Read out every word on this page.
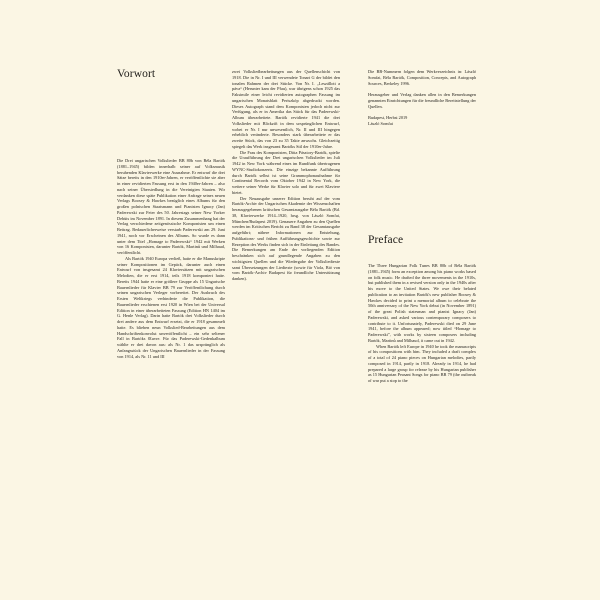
Vorwort

Die Drei ungarischen Volkslieder BB 80b von Béla Bartók (1881–1945) bilden innerhalb seiner auf Volksmusik beruhenden Klavierwerke eine Ausnahme. Er entwarf die drei Sätze bereits in den 1910er-Jahren, er veröffentlichte sie aber in einer revidierten Fassung erst in den 1940er-Jahren – also nach seiner Übersiedlung in die Vereinigten Staaten. Wir verdanken diese späte Publikation einer Anfrage seines neuen Verlags Boosey & Hawkes bezüglich eines Albums für den großen polnischen Staatsmann und Pianisten Ignacy (Jan) Paderewski zur Feier des 50. Jahrestags seiner New Yorker Debüts im November 1891. In diesem Zusammenhang hat der Verlag verschiedene zeitgenössische Komponisten um einen Beitrag. Bedauerlicherweise verstarb Paderewski am 29. Juni 1941, noch vor Erscheinen des Albums. So wurde es dann unter dem Titel „Homage to Paderewski“ 1942 mit Werken von 16 Komponisten, darunter Bartók, Martinů und Milhaud, veröffentlicht.

Als Bartók 1940 Europa verließ, hatte er die Manuskripte seiner Kompositionen im Gepäck, darunter auch einen Entwurf von insgesamt 24 Klaviersätzen mit ungarischen Melodien, die er erst 1914, teils 1918 komponiert hatte. Bereits 1944 hatte er eine größere Gruppe als 15 Ungarische Bauernlieder für Klavier BB 79 zur Veröffentlichung durch seinen ungarischen Verleger vorbereitet. Der Ausbruch des Ersten Weltkriegs verhinderte die Publikation, die Bauernlieder erschienen erst 1920 in Wien bei der Universal Edition in einer überarbeiteten Fassung (Edition HN 1404 im G. Henle Verlag). Darin hatte Bartók drei Volkslieder durch drei andere aus dem Entwurf ersetzt, die er 1918 gesammelt hatte. Es blieben neun Volkslied-Bearbeitungen aus dem Handschriftenkonvolut unveröffentlicht – ein sehr seltener Fall in Bartóks Œuvre. Für das Paderewski-Gedenkalbum wählte er drei davon aus: als Nr. 1 das ursprünglich als Anfangsstück der Ungarischen Bauernlieder in der Fassung von 1914, als Nr. 11 und III

zwei Volksliedbearbeitungen aus der Quellenschicht von 1918. Die in Nr. I und III verwendete Tonart G der bildet den tonalen Rahmen der drei Stücke. Von Nr. I. „Leszállott a páva“ (Herunter kam der Pfau), war übrigens schon 1925 das Faksimile einer leicht revidierten autographen Fassung im ungarischen Monatsblatt Periszkóp abgedruckt worden. Dieses Autograph stand dem Komponisten jedoch nicht zur Verfügung, als er in Amerika das Stück für das Paderewski-Album überarbeitete. Bartók revidierte 1941 die drei Volkslieder mit Blickzift in dem ursprünglichen Entwurf, wobei er Nr. I nur unwesentlich, Nr. II und III hingegen erheblich veränderte. Besonders stark überarbeitete er das zweite Stück, das von 23 zu 35 Takte anwuchs. Gleichzeitig spiegelt das Werk insgesamt Bartóks Stil der 1910er-Jahre.

Die Frau des Komponisten, Ditta Pásztory-Bartók, spielte die Uraufführung der Drei ungarischen Volkslieder im Juli 1942 in New York während eines im Rundfunk übertragenen WYNC-Studiokonzerts. Die einzige bekannte Aufführung durch Bartók selbst ist seine Grammophonaufnahme für Continental Records vom Oktober 1942 in New York, die weitere seiner Werke für Klavier solo und für zwei Klaviere bietet.

Der Neuausgabe unserer Edition beruht auf der vom Bartók-Archiv der Ungarischen Akademie der Wissenschaften herausgegebenen kritischen Gesamtausgabe Béla Bartók (Bd. 38, Klavierwerke 1914–1920, hrsg. von László Somfai, München/Budapest 2019). Genauere Angaben zu den Quellen werden im Kritischen Bericht zu Band 38 der Gesamtausgabe aufgeführt; nähere Informationen zur Entstehung, Publikations- und frühen Aufführungsgeschichte sowie zur Rezeption des Werks finden sich in der Einleitung des Bandes. Die Bemerkungen am Ende der vorliegenden Edition beschränken sich auf grundlegende Angaben zu den wichtigsten Quellen und die Wiedergabe der Volksliedtexte samt Übersetzungen der Liedtexte (sowie für Viola, Bió von vom Bartók-Archiv Budapest für freundliche Unterstützung danken).

Die BB-Nummern folgen dem Werkverzeichnis in: László Somfai, Béla Bartók, Composition, Concepts, and Autograph Sources, Berkeley 1996.

Herausgeber und Verlag danken allen in den Bemerkungen genannten Einrichtungen für die freundliche Bereitstellung der Quellen.

Budapest, Herbst 2019

László Somfai

Preface

The Three Hungarian Folk Tunes BB 80b of Béla Bartók (1881–1945) form an exception among his piano works based on folk music. He drafted the three movements in the 1910s, but published them in a revised version only in the 1940s after his move to the United States. We owe their belated publication to an invitation Bartók's new publisher Boosey & Hawkes decided to print a memorial album to celebrate the 50th anniversary of the New York debut (in November 1891) of the great Polish statesman and pianist Ignacy (Jan) Paderewski, and asked various contemporary composers to contribute to it. Unfortunately, Paderewski died on 29 June 1941, before the album appeared; now titled “Homage to Paderewski”, with works by sixteen composers including Bartók, Martinů and Milhaud, it came out in 1942.

When Bartók left Europe in 1940 he took the manuscripts of his compositions with him. They included a draft complex of a total of 24 piano pieces on Hungarian melodies, partly composed in 1914, partly in 1918. Already in 1914, he had prepared a large group for release by his Hungarian publisher as 15 Hungarian Peasant Songs for piano BB 79 (the outbreak of war put a stop to the
